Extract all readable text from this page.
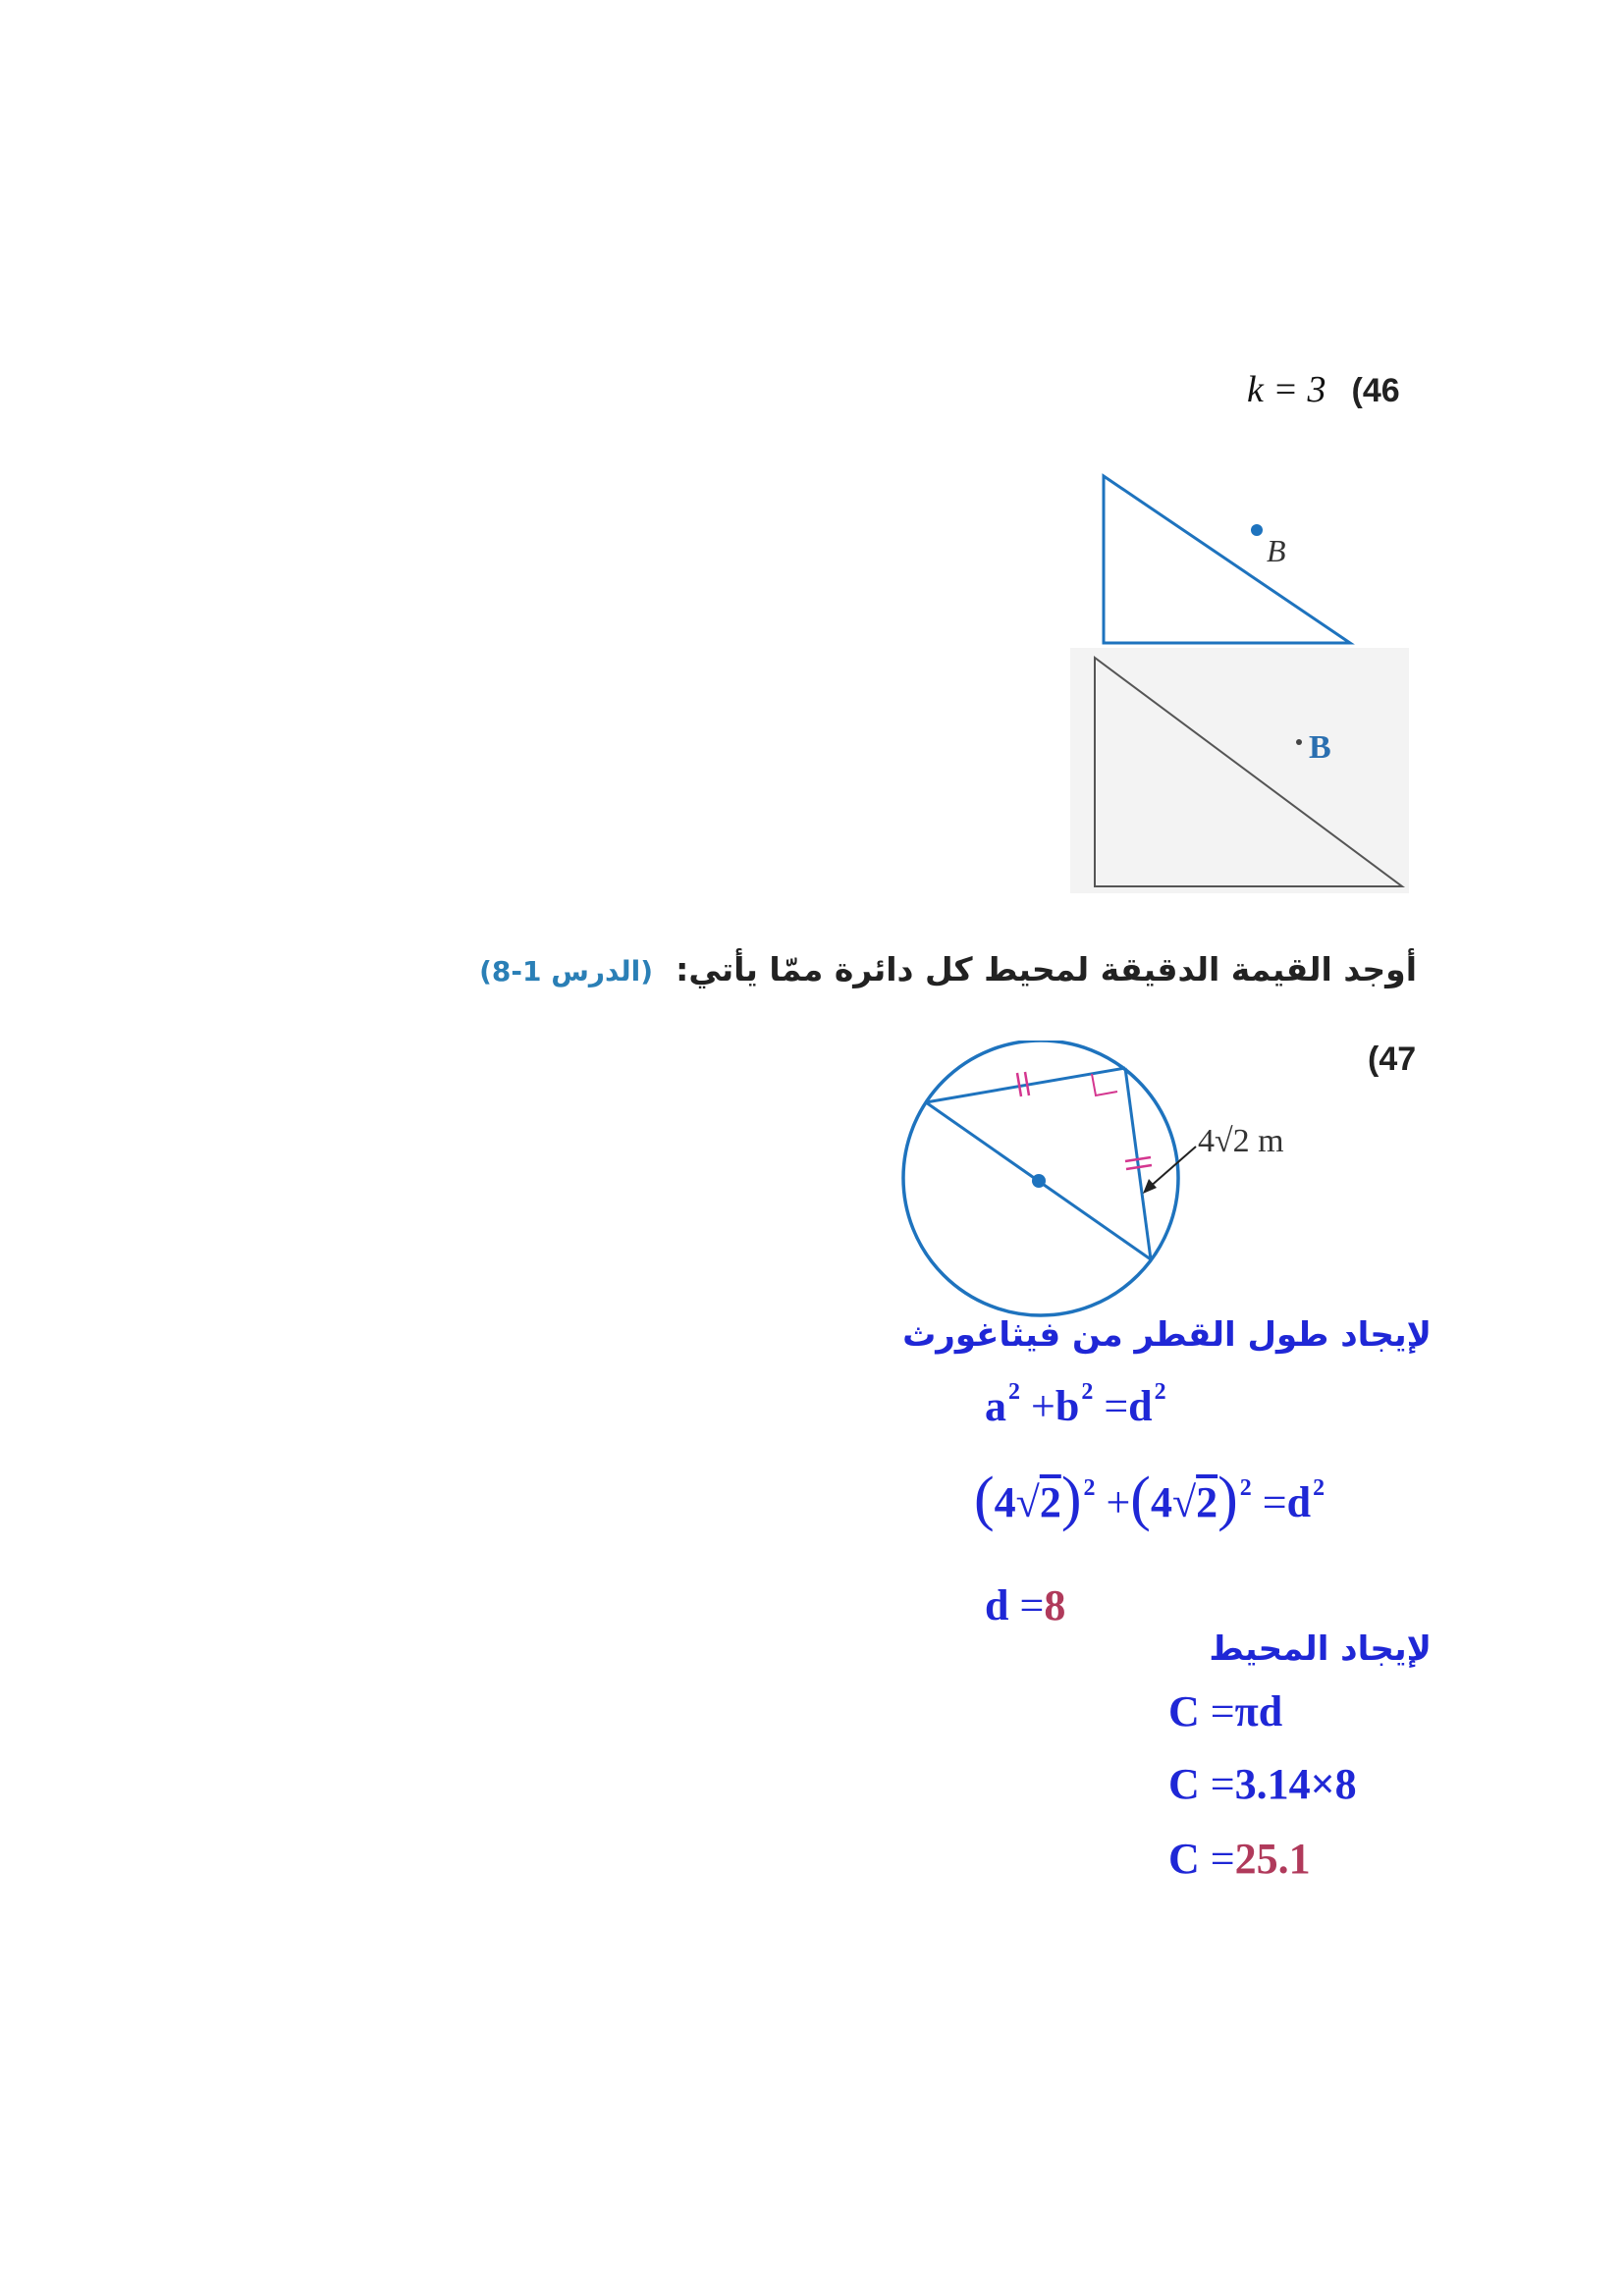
k = 3 (46
B
B
أوجد القيمة الدقيقة لمحيط كل دائرة ممّا يأتي: (الدرس 1-8)
(47
4√2 m
لإيجاد طول القطر من فيثاغورث
$a^2 +b^2 =d^2$
$(4√2)^2 +(4√2)^2 =d^2$
d =8
لإيجاد المحيط
C =πd
C =3.14×8
C =25.1
